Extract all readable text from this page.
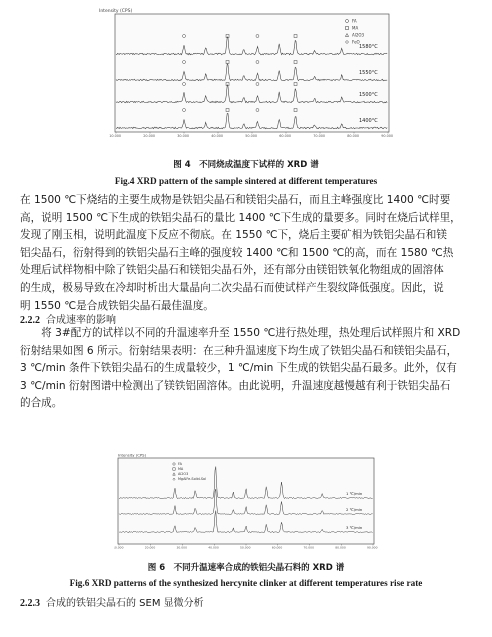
Intensity (CPS)
1580°C
1550°C
1500°C
1400°C
FA
MA
Al2O3
FeO
10.000	20.000	30.000	40.000	50.000	60.000	70.000	80.000	90.000
图 4　不同烧成温度下试样的 XRD 谱
Fig.4 XRD pattern of the sample sintered at different temperatures

在 1500 ℃下烧结的主要生成物是铁铝尖晶石和镁铝尖晶石，而且主峰强度比 1400 ℃时要
高，说明 1500 ℃下生成的铁铝尖晶石的量比 1400 ℃下生成的量要多。同时在烧后试样里，
发现了刚玉相，说明此温度下反应不彻底。在 1550 ℃下，烧后主要矿相为铁铝尖晶石和镁
铝尖晶石，衍射得到的铁铝尖晶石主峰的强度较 1400 ℃和 1500 ℃的高，而在 1580 ℃热
处理后试样物相中除了铁铝尖晶石和镁铝尖晶石外，还有部分由镁铝铁氧化物组成的固溶体
的生成，极易导致在冷却时析出大量晶向二次尖晶石而使试样产生裂纹降低强度。因此，说
明 1550 ℃是合成铁铝尖晶石最佳温度。

2.2.2 合成速率的影响

　　将 3#配方的试样以不同的升温速率升至 1550 ℃进行热处理，热处理后试样照片和 XRD
衍射结果如图 6 所示。衍射结果表明：在三种升温速度下均生成了铁铝尖晶石和镁铝尖晶石，
3 ℃/min 条件下铁铝尖晶石的生成量较少，1 ℃/min 下生成的铁铝尖晶石最多。此外，仅有
3 ℃/min 衍射图谱中检测出了镁铁铝固溶体。由此说明，升温速度越慢越有利于铁铝尖晶石
的合成。

Intensity (CPS)
1 ℃/min
2 ℃/min
3 ℃/min
FA
MA
Al2O3
MgAlFe-Solid-Sol
10.000	20.000	30.000	40.000	50.000	60.000	70.000	80.000	90.000
图 6　不同升温速率合成的铁铝尖晶石料的 XRD 谱
Fig.6 XRD patterns of the synthesized hercynite clinker at different temperatures rise rate
2.2.3 合成的铁铝尖晶石的 SEM 显微分析
